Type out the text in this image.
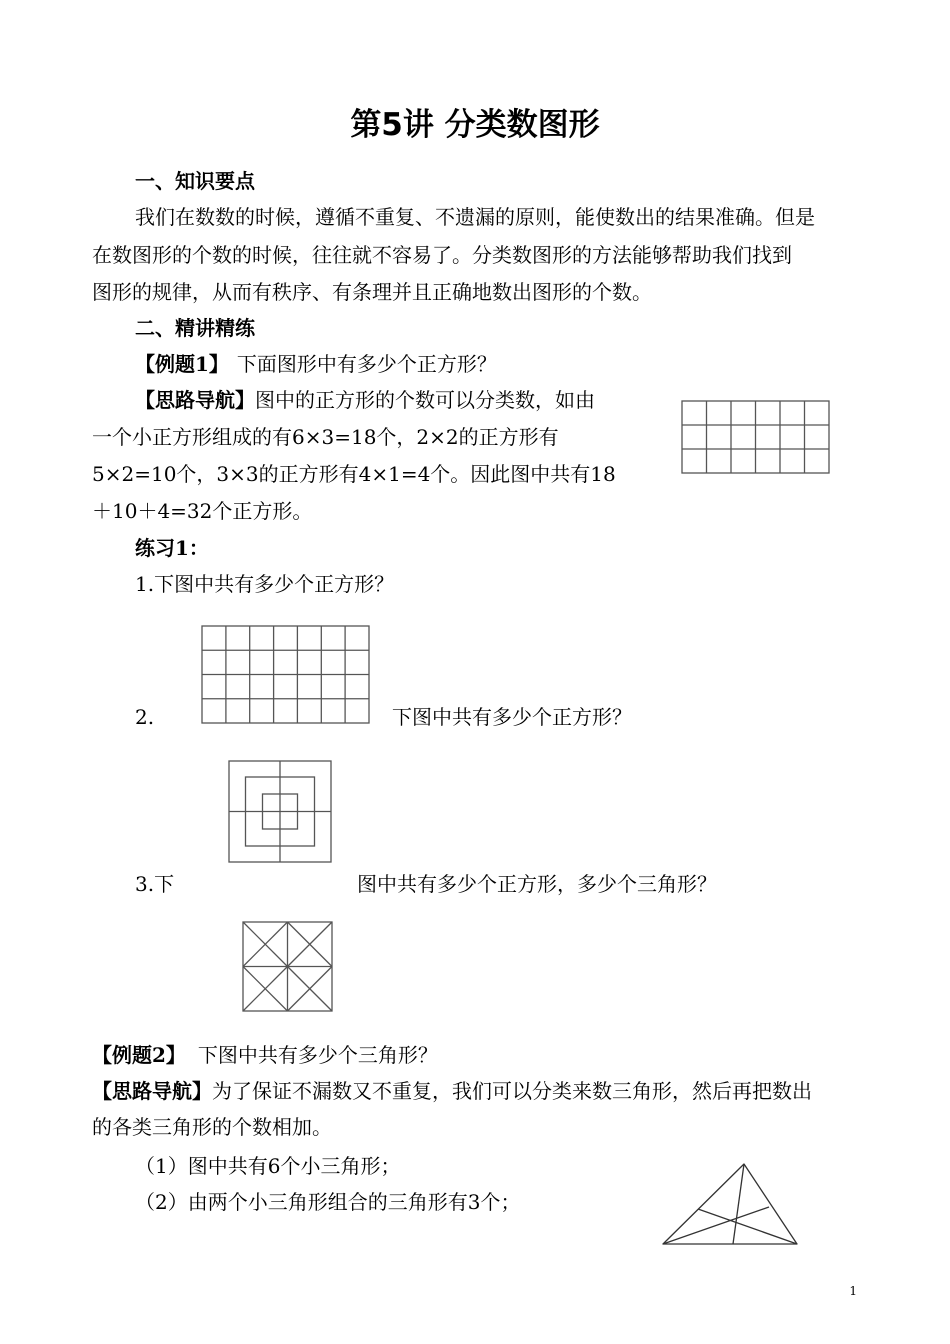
第5讲 分类数图形
一、知识要点
我们在数数的时候，遵循不重复、不遗漏的原则，能使数出的结果准确。但是
在数图形的个数的时候，往往就不容易了。分类数图形的方法能够帮助我们找到
图形的规律，从而有秩序、有条理并且正确地数出图形的个数。
二、精讲精练
【例题1】 下面图形中有多少个正方形？
【思路导航】图中的正方形的个数可以分类数，如由
一个小正方形组成的有6×3=18个，2×2的正方形有
5×2=10个，3×3的正方形有4×1=4个。因此图中共有18
＋10＋4=32个正方形。
练习1：
1.下图中共有多少个正方形？
2.	下图中共有多少个正方形？
3.下	图中共有多少个正方形，多少个三角形？
【例题2】 下图中共有多少个三角形？
【思路导航】为了保证不漏数又不重复，我们可以分类来数三角形，然后再把数出
的各类三角形的个数相加。
（1）图中共有6个小三角形；
（2）由两个小三角形组合的三角形有3个；
1
